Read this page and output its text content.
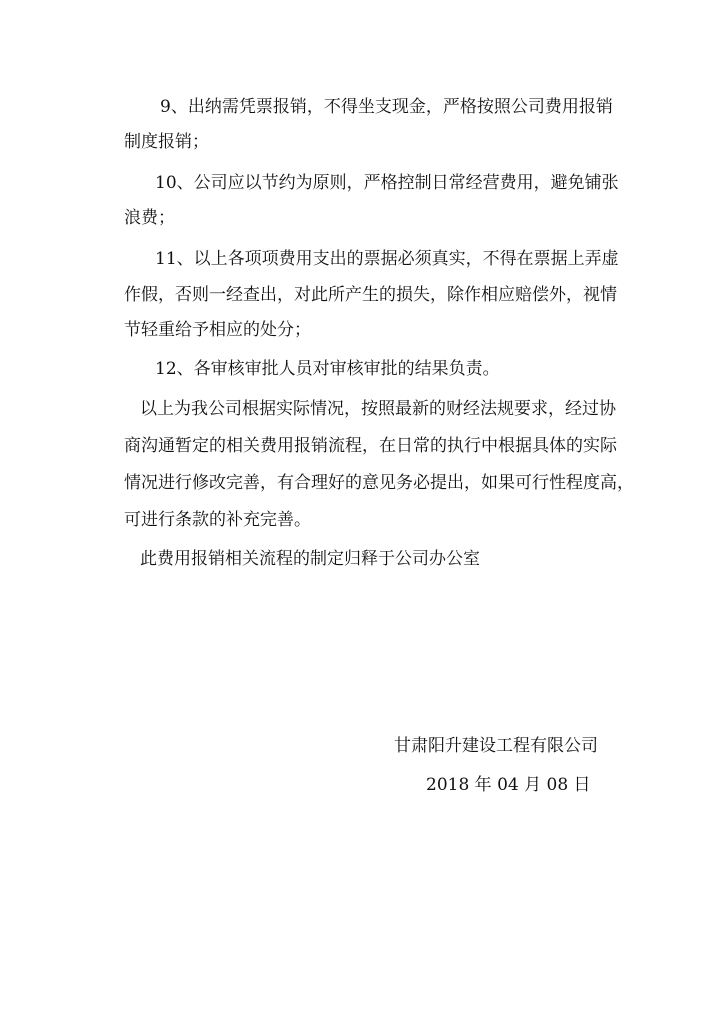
9、出纳需凭票报销，不得坐支现金，严格按照公司费用报销
制度报销；
10、公司应以节约为原则，严格控制日常经营费用，避免铺张
浪费；
11、以上各项项费用支出的票据必须真实，不得在票据上弄虚
作假，否则一经查出，对此所产生的损失，除作相应赔偿外，视情
节轻重给予相应的处分；
12、各审核审批人员对审核审批的结果负责。
以上为我公司根据实际情况，按照最新的财经法规要求，经过协
商沟通暂定的相关费用报销流程，在日常的执行中根据具体的实际
情况进行修改完善，有合理好的意见务必提出，如果可行性程度高，
可进行条款的补充完善。
此费用报销相关流程的制定归释于公司办公室
甘肃阳升建设工程有限公司
2018 年 04 月 08 日
